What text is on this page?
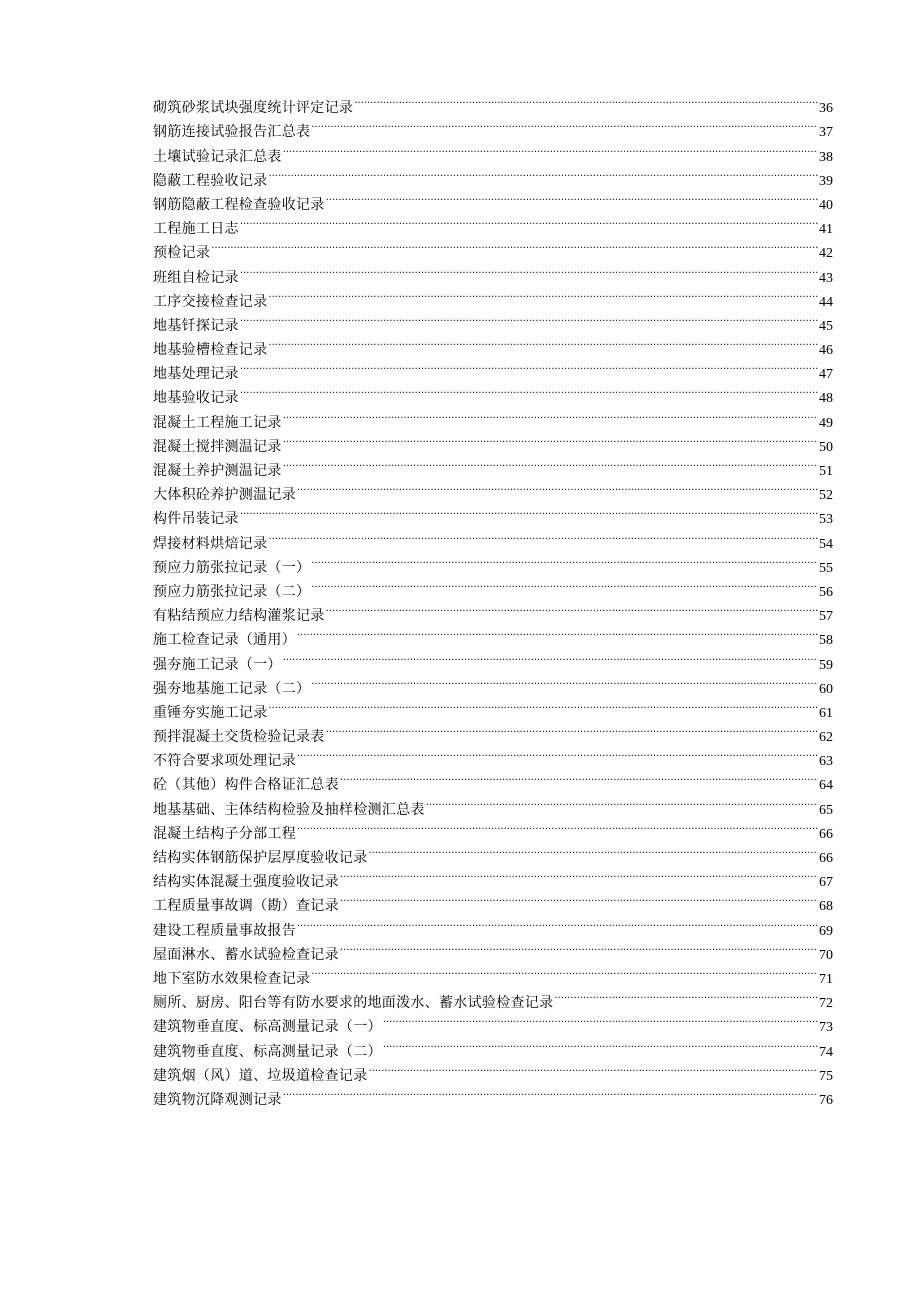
砌筑砂浆试块强度统计评定记录 .....	36
钢筋连接试验报告汇总表 .....	37
土壤试验记录汇总表 .....	38
隐蔽工程验收记录 .....	39
钢筋隐蔽工程检查验收记录 .....	40
工程施工日志 .....	41
预检记录 .....	42
班组自检记录 .....	43
工序交接检查记录 .....	44
地基钎探记录 .....	45
地基验槽检查记录 .....	46
地基处理记录 .....	47
地基验收记录 .....	48
混凝土工程施工记录 .....	49
混凝土搅拌测温记录 .....	50
混凝土养护测温记录 .....	51
大体积砼养护测温记录 .....	52
构件吊装记录 .....	53
焊接材料烘焙记录 .....	54
预应力筋张拉记录（一） .....	55
预应力筋张拉记录（二） .....	56
有粘结预应力结构灌浆记录 .....	57
施工检查记录（通用） .....	58
强夯施工记录（一） .....	59
强夯地基施工记录（二） .....	60
重锤夯实施工记录 .....	61
预拌混凝土交货检验记录表 .....	62
不符合要求项处理记录 .....	63
砼（其他）构件合格证汇总表 .....	64
地基基础、主体结构检验及抽样检测汇总表 .....	65
混凝土结构子分部工程 .....	66
结构实体钢筋保护层厚度验收记录 .....	66
结构实体混凝土强度验收记录 .....	67
工程质量事故调（勘）查记录 .....	68
建设工程质量事故报告 .....	69
屋面淋水、蓄水试验检查记录 .....	70
地下室防水效果检查记录 .....	71
厕所、厨房、阳台等有防水要求的地面泼水、蓄水试验检查记录 .....	72
建筑物垂直度、标高测量记录（一） .....	73
建筑物垂直度、标高测量记录（二） .....	74
建筑烟（风）道、垃圾道检查记录 .....	75
建筑物沉降观测记录 .....	76
